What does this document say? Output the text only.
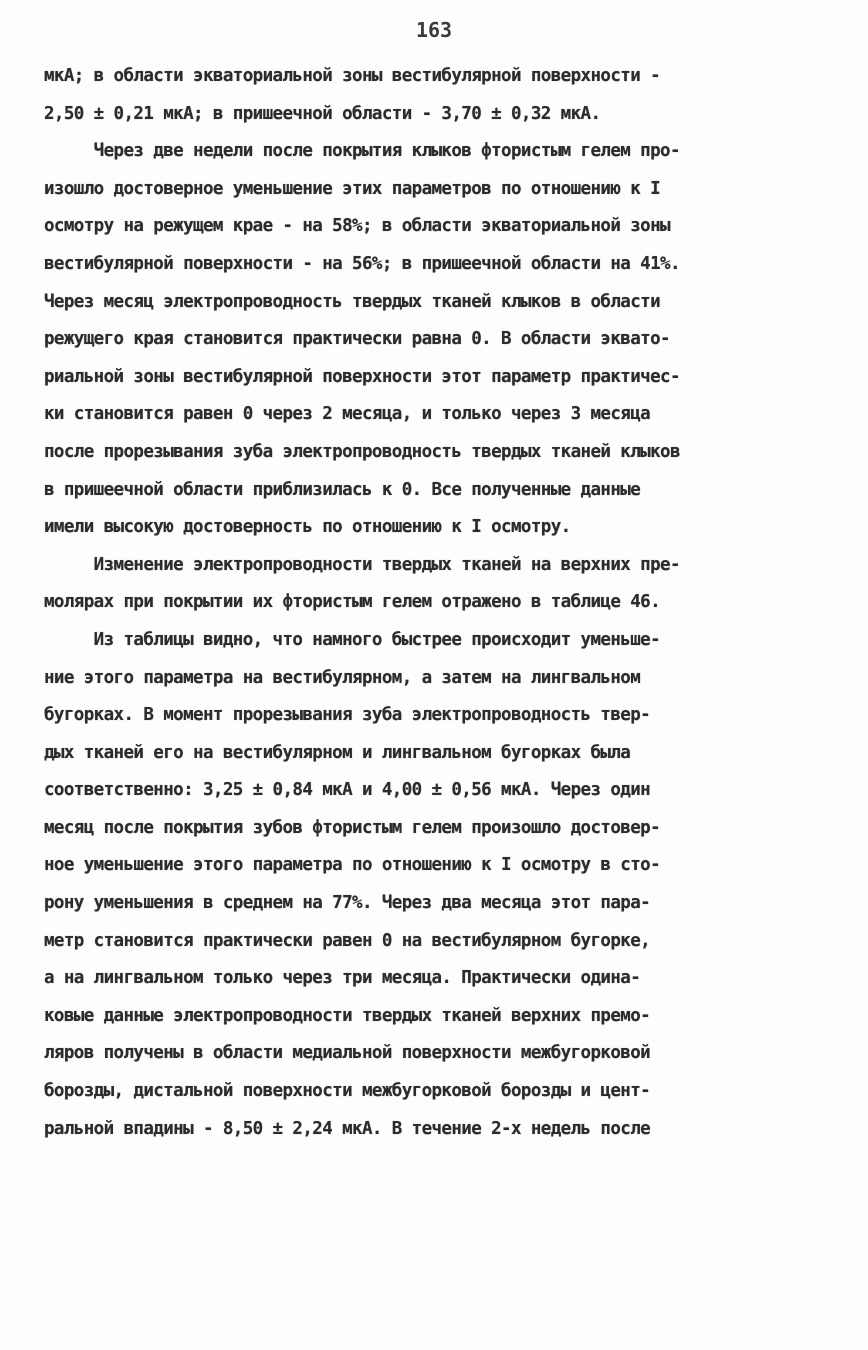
163
мкА; в области экваториальной зоны вестибулярной поверхности -
2,50 ± 0,21 мкА; в пришеечной области - 3,70 ± 0,32 мкА.
Через две недели после покрытия клыков фтористым гелем про-
изошло достоверное уменьшение этих параметров по отношению к I
осмотру на режущем крае - на 58%; в области экваториальной зоны
вестибулярной поверхности - на 56%; в пришеечной области на 41%.
Через месяц электропроводность твердых тканей клыков в области
режущего края становится практически равна 0. В области эквато-
риальной зоны вестибулярной поверхности этот параметр практичес-
ки становится равен 0 через 2 месяца, и только через 3 месяца
после прорезывания зуба электропроводность твердых тканей клыков
в пришеечной области приблизилась к 0. Все полученные данные
имели высокую достоверность по отношению к I осмотру.
Изменение электропроводности твердых тканей на верхних пре-
молярах при покрытии их фтористым гелем отражено в таблице 46.
Из таблицы видно, что намного быстрее происходит уменьше-
ние этого параметра на вестибулярном, а затем на лингвальном
бугорках. В момент прорезывания зуба электропроводность твер-
дых тканей его на вестибулярном и лингвальном бугорках была
соответственно: 3,25 ± 0,84 мкА и 4,00 ± 0,56 мкА. Через один
месяц после покрытия зубов фтористым гелем произошло достовер-
ное уменьшение этого параметра по отношению к I осмотру в сто-
рону уменьшения в среднем на 77%. Через два месяца этот пара-
метр становится практически равен 0 на вестибулярном бугорке,
а на лингвальном только через три месяца. Практически одина-
ковые данные электропроводности твердых тканей верхних премо-
ляров получены в области медиальной поверхности межбугорковой
борозды, дистальной поверхности межбугорковой борозды и цент-
ральной впадины - 8,50 ± 2,24 мкА. В течение 2-х недель после
